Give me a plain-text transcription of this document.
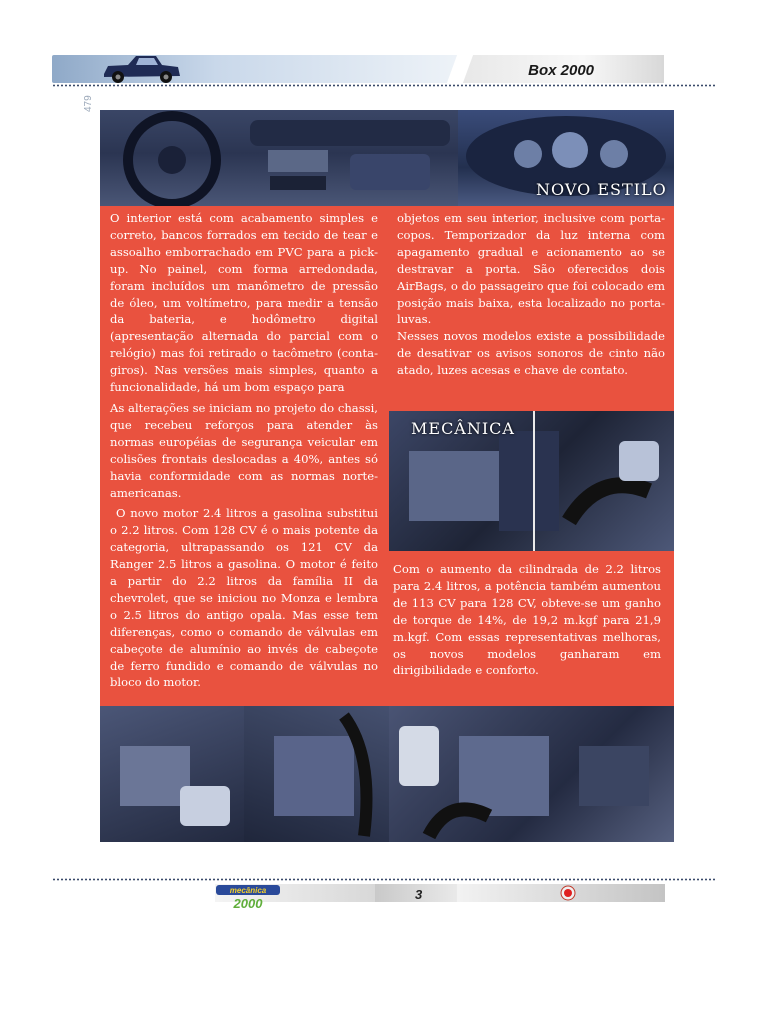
Box 2000
479
NOVO ESTILO

O interior está com acabamento simples e correto, bancos forrados em tecido de tear e assoalho emborrachado em PVC para a pick-up. No painel, com forma arredondada, foram incluídos um manômetro de pressão de óleo, um voltímetro, para medir a tensão da bateria, e hodômetro digital (apresentação alternada do parcial com o relógio) mas foi retirado o tacômetro (conta-giros). Nas versões mais simples, quanto a funcionalidade, há um bom espaço para

As alterações se iniciam no projeto do chassi, que recebeu reforços para atender às normas européias de segurança veicular em colisões frontais deslocadas a 40%, antes só havia conformidade com as normas norte-americanas.

O novo motor 2.4 litros a gasolina substitui o 2.2 litros. Com 128 CV é o mais potente da categoria, ultrapassando os 121 CV da Ranger 2.5 litros a gasolina. O motor é feito a partir do 2.2 litros da família II da chevrolet, que se iniciou no Monza e lembra o 2.5 litros do antigo opala. Mas esse tem diferenças, como o comando de válvulas em cabeçote de alumínio ao invés de cabeçote de ferro fundido e comando de válvulas no bloco do motor.

objetos em seu interior, inclusive com porta-copos. Temporizador da luz interna com apagamento gradual e acionamento ao se destravar a porta. São oferecidos dois AirBags, o do passageiro que foi colocado em posição mais baixa, esta localizado no porta-luvas.

Nesses novos modelos existe a possibilidade de desativar os avisos sonoros de cinto não atado, luzes acesas e chave de contato.

MECÂNICA

Com o aumento da cilindrada de 2.2 litros para 2.4 litros, a potência também aumentou de 113 CV para 128 CV, obteve-se um ganho de torque de 14%, de 19,2 m.kgf para 21,9 m.kgf. Com essas representativas melhoras, os novos modelos ganharam em dirigibilidade e conforto.

mecânica
2000
3
